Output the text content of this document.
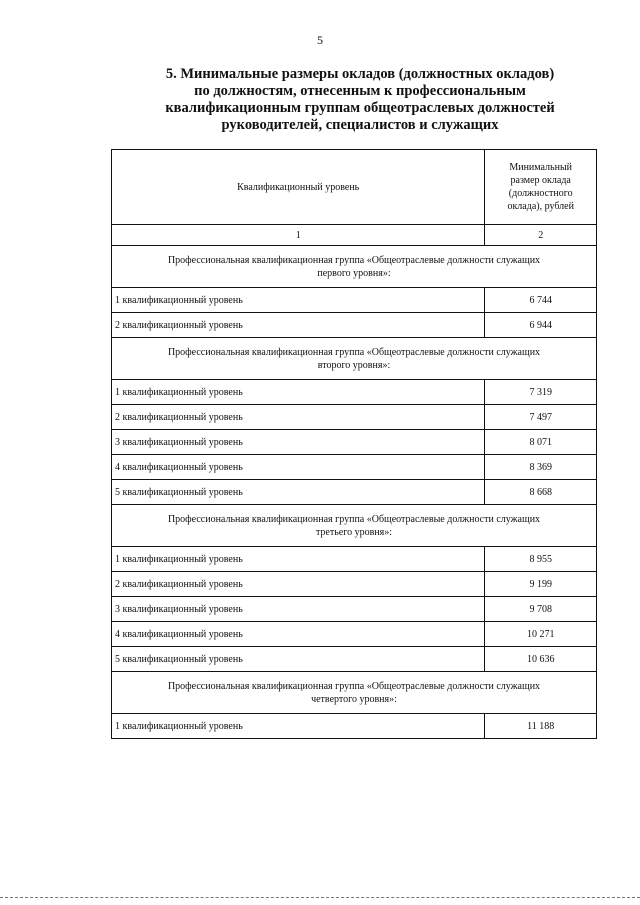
5
5. Минимальные размеры окладов (должностных окладов)
по должностям, отнесенным к профессиональным
квалификационным группам общеотраслевых должностей
руководителей, специалистов и служащих
Квалификационный уровень	Минимальный
размер оклада
(должностного
оклада), рублей

1	2

Профессиональная квалификационная группа «Общеотраслевые должности служащих
первого уровня»:	

1 квалификационный уровень	6 744
2 квалификационный уровень	6 944

Профессиональная квалификационная группа «Общеотраслевые должности служащих
второго уровня»:	

1 квалификационный уровень	7 319
2 квалификационный уровень	7 497
3 квалификационный уровень	8 071
4 квалификационный уровень	8 369
5 квалификационный уровень	8 668

Профессиональная квалификационная группа «Общеотраслевые должности служащих
третьего уровня»:	

1 квалификационный уровень	8 955
2 квалификационный уровень	9 199
3 квалификационный уровень	9 708
4 квалификационный уровень	10 271
5 квалификационный уровень	10 636

Профессиональная квалификационная группа «Общеотраслевые должности служащих
четвертого уровня»:	

1 квалификационный уровень	11 188
